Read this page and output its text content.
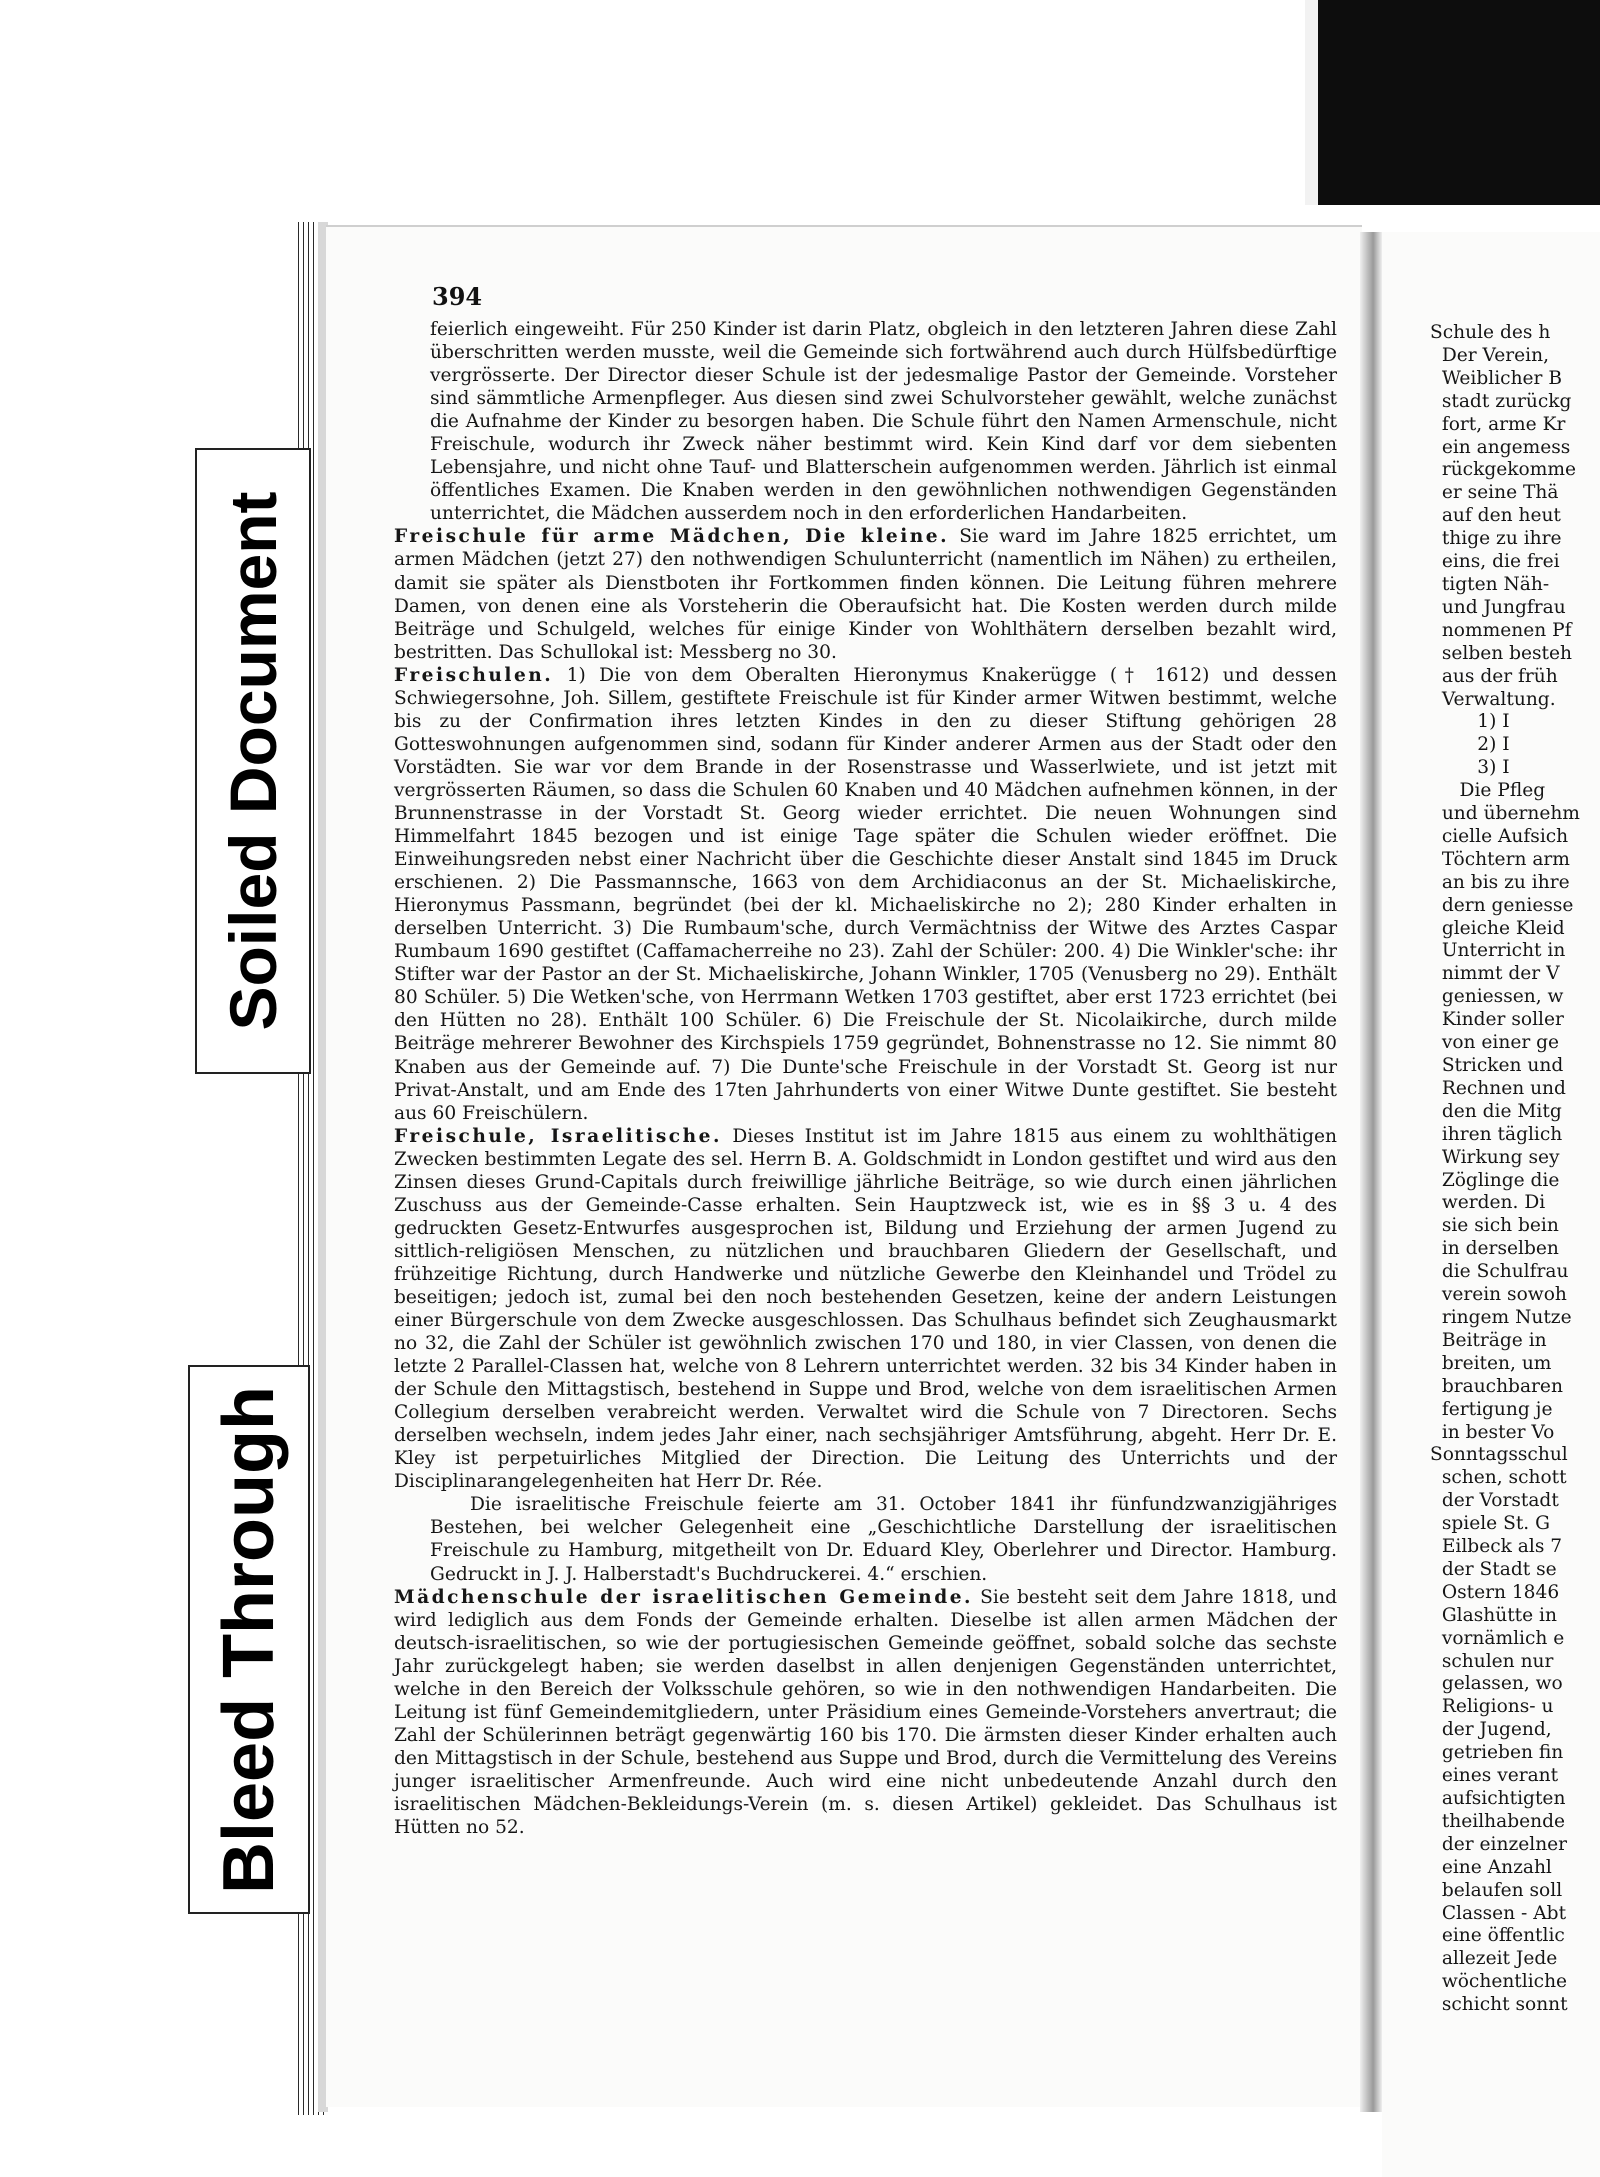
394

feierlich eingeweiht. Für 250 Kinder ist darin Platz, obgleich in den letzteren Jahren diese Zahl überschritten werden musste, weil die Gemeinde sich fortwährend auch durch Hülfsbedürftige vergrösserte. Der Director dieser Schule ist der jedesmalige Pastor der Gemeinde. Vorsteher sind sämmtliche Armenpfleger. Aus diesen sind zwei Schulvorsteher gewählt, welche zunächst die Aufnahme der Kinder zu besorgen haben. Die Schule führt den Namen Armenschule, nicht Freischule, wodurch ihr Zweck näher bestimmt wird. Kein Kind darf vor dem siebenten Lebensjahre, und nicht ohne Tauf- und Blatterschein aufgenommen werden. Jährlich ist einmal öffentliches Examen. Die Knaben werden in den gewöhnlichen nothwendigen Gegenständen unterrichtet, die Mädchen ausserdem noch in den erforderlichen Handarbeiten.

Freischule für arme Mädchen, Die kleine. Sie ward im Jahre 1825 errichtet, um armen Mädchen (jetzt 27) den nothwendigen Schulunterricht (namentlich im Nähen) zu ertheilen, damit sie später als Dienstboten ihr Fortkommen finden können. Die Leitung führen mehrere Damen, von denen eine als Vorsteherin die Oberaufsicht hat. Die Kosten werden durch milde Beiträge und Schulgeld, welches für einige Kinder von Wohlthätern derselben bezahlt wird, bestritten. Das Schullokal ist: Messberg no 30.

Freischulen. 1) Die von dem Oberalten Hieronymus Knakerügge († 1612) und dessen Schwiegersohne, Joh. Sillem, gestiftete Freischule ist für Kinder armer Witwen bestimmt, welche bis zu der Confirmation ihres letzten Kindes in den zu dieser Stiftung gehörigen 28 Gotteswohnungen aufgenommen sind, sodann für Kinder anderer Armen aus der Stadt oder den Vorstädten. Sie war vor dem Brande in der Rosenstrasse und Wasserlwiete, und ist jetzt mit vergrösserten Räumen, so dass die Schulen 60 Knaben und 40 Mädchen aufnehmen können, in der Brunnenstrasse in der Vorstadt St. Georg wieder errichtet. Die neuen Wohnungen sind Himmelfahrt 1845 bezogen und ist einige Tage später die Schulen wieder eröffnet. Die Einweihungsreden nebst einer Nachricht über die Geschichte dieser Anstalt sind 1845 im Druck erschienen. 2) Die Passmannsche, 1663 von dem Archidiaconus an der St. Michaeliskirche, Hieronymus Passmann, begründet (bei der kl. Michaeliskirche no 2); 280 Kinder erhalten in derselben Unterricht. 3) Die Rumbaum'sche, durch Vermächtniss der Witwe des Arztes Caspar Rumbaum 1690 gestiftet (Caffamacherreihe no 23). Zahl der Schüler: 200. 4) Die Winkler'sche: ihr Stifter war der Pastor an der St. Michaeliskirche, Johann Winkler, 1705 (Venusberg no 29). Enthält 80 Schüler. 5) Die Wetken'sche, von Herrmann Wetken 1703 gestiftet, aber erst 1723 errichtet (bei den Hütten no 28). Enthält 100 Schüler. 6) Die Freischule der St. Nicolaikirche, durch milde Beiträge mehrerer Bewohner des Kirchspiels 1759 gegründet, Bohnenstrasse no 12. Sie nimmt 80 Knaben aus der Gemeinde auf. 7) Die Dunte'sche Freischule in der Vorstadt St. Georg ist nur Privat-Anstalt, und am Ende des 17ten Jahrhunderts von einer Witwe Dunte gestiftet. Sie besteht aus 60 Freischülern.

Freischule, Israelitische. Dieses Institut ist im Jahre 1815 aus einem zu wohlthätigen Zwecken bestimmten Legate des sel. Herrn B. A. Goldschmidt in London gestiftet und wird aus den Zinsen dieses Grund-Capitals durch freiwillige jährliche Beiträge, so wie durch einen jährlichen Zuschuss aus der Gemeinde-Casse erhalten. Sein Hauptzweck ist, wie es in §§ 3 u. 4 des gedruckten Gesetz-Entwurfes ausgesprochen ist, Bildung und Erziehung der armen Jugend zu sittlich-religiösen Menschen, zu nützlichen und brauchbaren Gliedern der Gesellschaft, und frühzeitige Richtung, durch Handwerke und nützliche Gewerbe den Kleinhandel und Trödel zu beseitigen; jedoch ist, zumal bei den noch bestehenden Gesetzen, keine der andern Leistungen einer Bürgerschule von dem Zwecke ausgeschlossen. Das Schulhaus befindet sich Zeughausmarkt no 32, die Zahl der Schüler ist gewöhnlich zwischen 170 und 180, in vier Classen, von denen die letzte 2 Parallel-Classen hat, welche von 8 Lehrern unterrichtet werden. 32 bis 34 Kinder haben in der Schule den Mittagstisch, bestehend in Suppe und Brod, welche von dem israelitischen Armen Collegium derselben verabreicht werden. Verwaltet wird die Schule von 7 Directoren. Sechs derselben wechseln, indem jedes Jahr einer, nach sechsjähriger Amtsführung, abgeht. Herr Dr. E. Kley ist perpetuirliches Mitglied der Direction. Die Leitung des Unterrichts und der Disciplinarangelegenheiten hat Herr Dr. Rée.

Die israelitische Freischule feierte am 31. October 1841 ihr fünfundzwanzigjähriges Bestehen, bei welcher Gelegenheit eine „Geschichtliche Darstellung der israelitischen Freischule zu Hamburg, mitgetheilt von Dr. Eduard Kley, Oberlehrer und Director. Hamburg. Gedruckt in J. J. Halberstadt's Buchdruckerei. 4.“ erschien.

Mädchenschule der israelitischen Gemeinde. Sie besteht seit dem Jahre 1818, und wird lediglich aus dem Fonds der Gemeinde erhalten. Dieselbe ist allen armen Mädchen der deutsch-israelitischen, so wie der portugiesischen Gemeinde geöffnet, sobald solche das sechste Jahr zurückgelegt haben; sie werden daselbst in allen denjenigen Gegenständen unterrichtet, welche in den Bereich der Volksschule gehören, so wie in den nothwendigen Handarbeiten. Die Leitung ist fünf Gemeindemitgliedern, unter Präsidium eines Gemeinde-Vorstehers anvertraut; die Zahl der Schülerinnen beträgt gegenwärtig 160 bis 170. Die ärmsten dieser Kinder erhalten auch den Mittagstisch in der Schule, bestehend aus Suppe und Brod, durch die Vermittelung des Vereins junger israelitischer Armenfreunde. Auch wird eine nicht unbedeutende Anzahl durch den israelitischen Mädchen-Bekleidungs-Verein (m. s. diesen Artikel) gekleidet. Das Schulhaus ist Hütten no 52.

Schule des h
Der Verein,
Weiblicher B
stadt zurückg
fort, arme Kr
ein angemess
rückgekomme
er seine Thä
auf den heut
thige zu ihre
eins, die frei
tigten Näh-
und Jungfrau
nommenen Pf
selben besteh
aus der früh
Verwaltung.
1) I
2) I
3) I
Die Pfleg
und übernehm
cielle Aufsich
Töchtern arm
an bis zu ihre
dern geniesse
gleiche Kleid
Unterricht in
nimmt der V
geniessen, w
Kinder soller
von einer ge
Stricken und
Rechnen und
den die Mitg
ihren täglich
Wirkung sey
Zöglinge die
werden. Di
sie sich bein
in derselben
die Schulfrau
verein sowoh
ringem Nutze
Beiträge in
breiten, um
brauchbaren
fertigung je
in bester Vo
Sonntagsschul
schen, schott
der Vorstadt
spiele St. G
Eilbeck als 7
der Stadt se
Ostern 1846
Glashütte in
vornämlich e
schulen nur
gelassen, wo
Religions- u
der Jugend,
getrieben fin
eines verant
aufsichtigten
theilhabende
der einzelner
eine Anzahl
belaufen soll
Classen - Abt
eine öffentlic
allezeit Jede
wöchentliche
schicht sonnt
Soiled Document
Bleed Through
